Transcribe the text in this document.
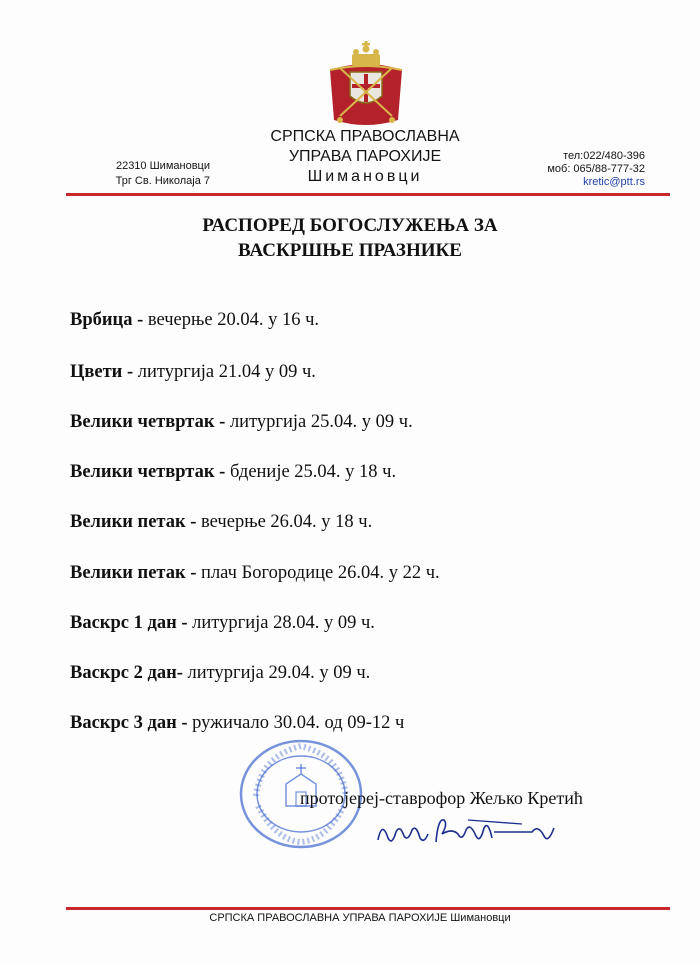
СРПСКА ПРАВОСЛАВНА
УПРАВА ПАРОХИЈЕ
Шимановци
22310 Шимановци
Трг Св. Николаја 7
тел:022/480-396
моб: 065/88-777-32
kretic@ptt.rs
РАСПОРЕД БОГОСЛУЖЕЊА ЗА
ВАСКРШЊЕ ПРАЗНИКЕ
Врбица - вечерње 20.04. у 16 ч.
Цвети - литургија 21.04 у 09 ч.
Велики четвртак - литургија 25.04. у 09 ч.
Велики четвртак - бденије 25.04. у 18 ч.
Велики петак - вечерње 26.04. у 18 ч.
Велики петак - плач Богородице 26.04. у 22 ч.
Васкрс 1 дан - литургија 28.04. у 09 ч.
Васкрс 2 дан- литургија 29.04. у 09 ч.
Васкрс 3 дан - ружичало 30.04. од 09-12 ч
протојереј-ставрофор Жељко Кретић
СРПСКА ПРАВОСЛАВНА УПРАВА ПАРОХИЈЕ Шимановци
